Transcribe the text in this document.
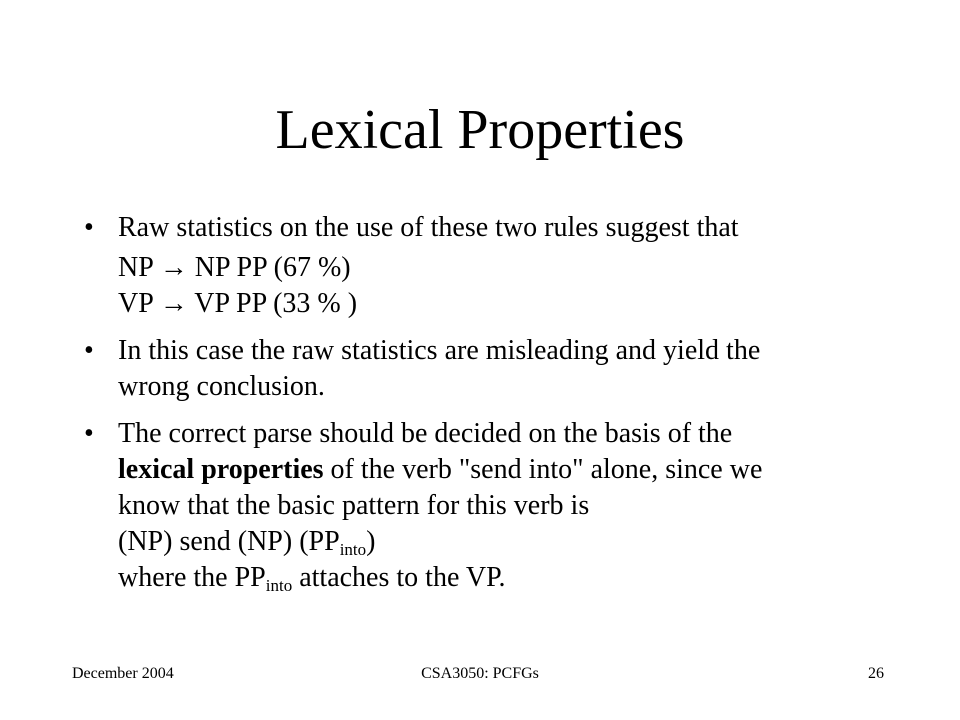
Lexical Properties
• Raw statistics on the use of these two rules suggest that
NP → NP PP (67 %)
VP → VP PP (33 % )
• In this case the raw statistics are misleading and yield the
wrong conclusion.
• The correct parse should be decided on the basis of the
lexical properties of the verb "send into" alone, since we
know that the basic pattern for this verb is
(NP) send (NP) $(PP_{into})$
where the $PP_{into}$ attaches to the VP.
CSA3050: PCFGs
December 2004	26
